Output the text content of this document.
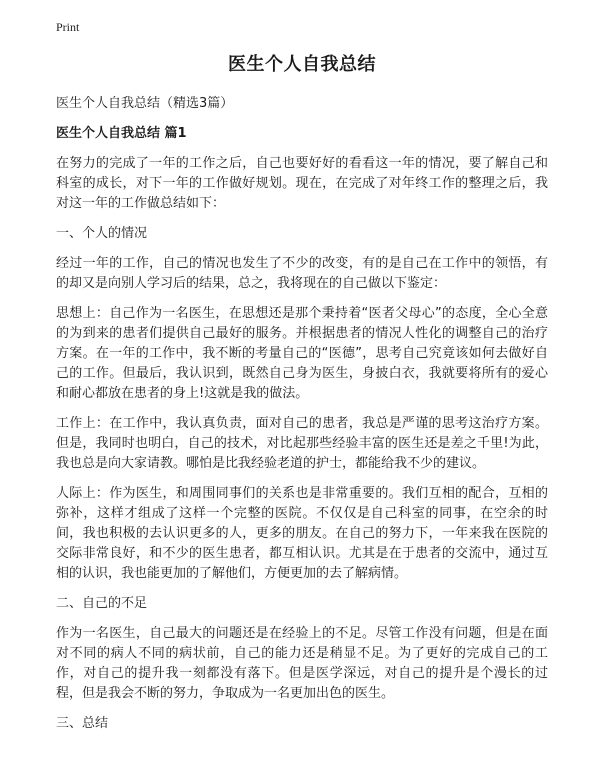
Print
医生个人自我总结
医生个人自我总结（精选3篇）
医生个人自我总结 篇1

在努力的完成了一年的工作之后，自己也要好好的看看这一年的情况，要了解自己和科室的成长，对下一年的工作做好规划。现在，在完成了对年终工作的整理之后，我对这一年的工作做总结如下：

一、个人的情况

经过一年的工作，自己的情况也发生了不少的改变，有的是自己在工作中的领悟，有的却又是向别人学习后的结果，总之，我将现在的自己做以下鉴定：

思想上：自己作为一名医生，在思想还是那个秉持着“医者父母心”的态度，全心全意的为到来的患者们提供自己最好的服务。并根据患者的情况人性化的调整自己的治疗方案。在一年的工作中，我不断的考量自己的“医德”，思考自己究竟该如何去做好自己的工作。但最后，我认识到，既然自己身为医生，身披白衣，我就要将所有的爱心和耐心都放在患者的身上!这就是我的做法。

工作上：在工作中，我认真负责，面对自己的患者，我总是严谨的思考这治疗方案。但是，我同时也明白，自己的技术，对比起那些经验丰富的医生还是差之千里!为此，我也总是向大家请教。哪怕是比我经验老道的护士，都能给我不少的建议。

人际上：作为医生，和周围同事们的关系也是非常重要的。我们互相的配合，互相的弥补，这样才组成了这样一个完整的医院。不仅仅是自己科室的同事，在空余的时间，我也积极的去认识更多的人，更多的朋友。在自己的努力下，一年来我在医院的交际非常良好，和不少的医生患者，都互相认识。尤其是在于患者的交流中，通过互相的认识，我也能更加的了解他们，方便更加的去了解病情。

二、自己的不足

作为一名医生，自己最大的问题还是在经验上的不足。尽管工作没有问题，但是在面对不同的病人不同的病状前，自己的能力还是稍显不足。为了更好的完成自己的工作，对自己的提升我一刻都没有落下。但是医学深远，对自己的提升是个漫长的过程，但是我会不断的努力，争取成为一名更加出色的医生。

三、总结
